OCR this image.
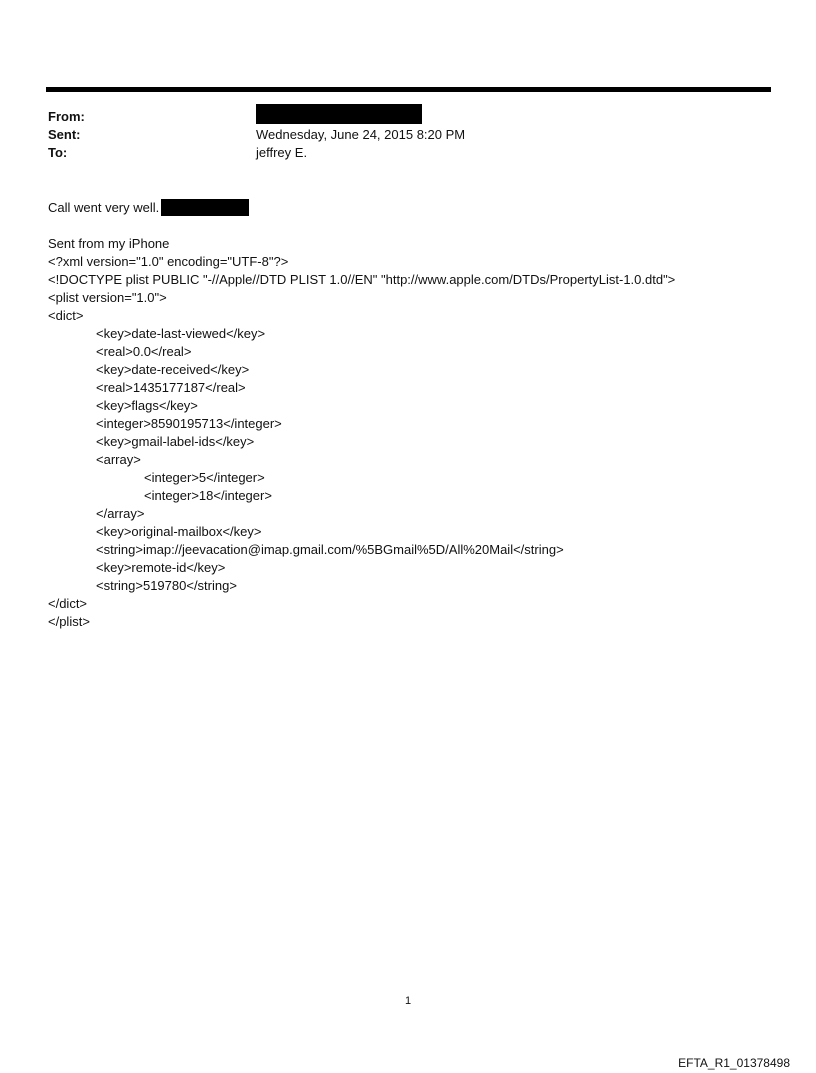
From:
Sent:	Wednesday, June 24, 2015 8:20 PM
To:	jeffrey E.
Call went very well.
Sent from my iPhone
<?xml version="1.0" encoding="UTF-8"?>
<!DOCTYPE plist PUBLIC "-//Apple//DTD PLIST 1.0//EN" "http://www.apple.com/DTDs/PropertyList-1.0.dtd">
<plist version="1.0">
<dict>
<key>date-last-viewed</key>
<real>0.0</real>
<key>date-received</key>
<real>1435177187</real>
<key>flags</key>
<integer>8590195713</integer>
<key>gmail-label-ids</key>
<array>
<integer>5</integer>
<integer>18</integer>
</array>
<key>original-mailbox</key>
<string>imap://jeevacation@imap.gmail.com/%5BGmail%5D/All%20Mail</string>
<key>remote-id</key>
<string>519780</string>
</dict>
</plist>
1
EFTA_R1_01378498
